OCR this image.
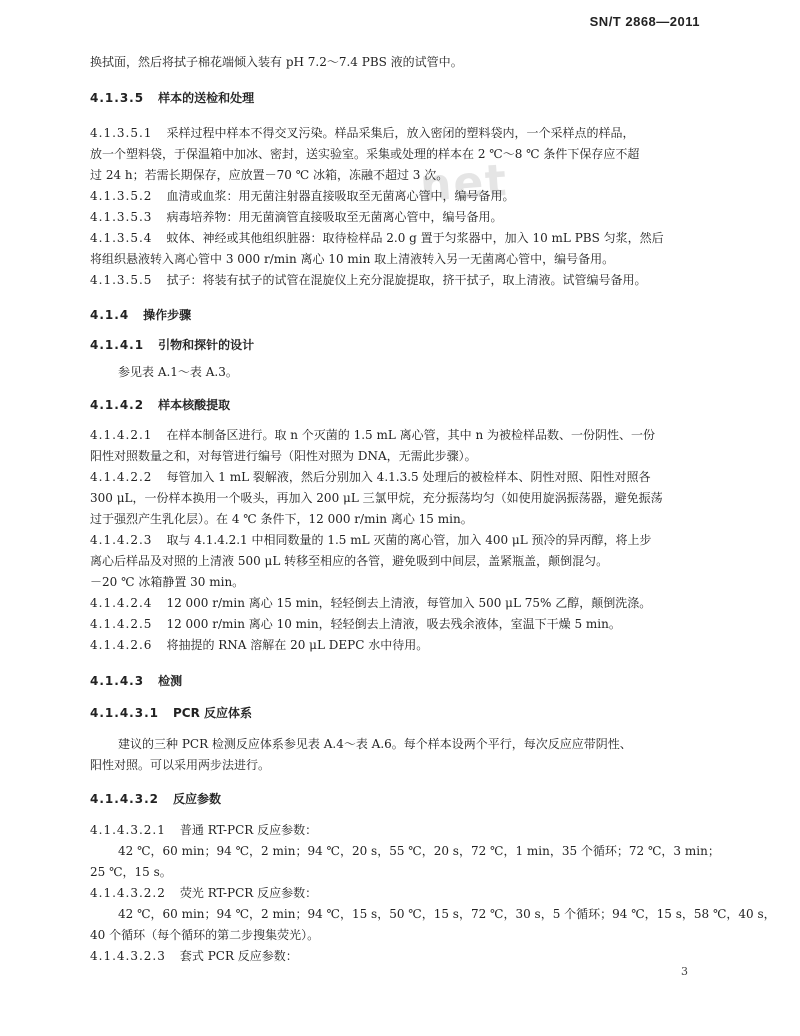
SN/T 2868—2011
net
换拭面，然后将拭子棉花端倾入装有 pH 7.2～7.4 PBS 液的试管中。
4.1.3.5 样本的送检和处理
4.1.3.5.1 采样过程中样本不得交叉污染。样品采集后，放入密闭的塑料袋内，一个采样点的样品，
放一个塑料袋，于保温箱中加冰、密封，送实验室。采集或处理的样本在 2 ℃～8 ℃ 条件下保存应不超
过 24 h；若需长期保存，应放置－70 ℃ 冰箱，冻融不超过 3 次。
4.1.3.5.2 血清或血浆：用无菌注射器直接吸取至无菌离心管中，编号备用。
4.1.3.5.3 病毒培养物：用无菌滴管直接吸取至无菌离心管中，编号备用。
4.1.3.5.4 蚊体、神经或其他组织脏器：取待检样品 2.0 g 置于匀浆器中，加入 10 mL PBS 匀浆，然后
将组织悬液转入离心管中 3 000 r/min 离心 10 min 取上清液转入另一无菌离心管中，编号备用。
4.1.3.5.5 拭子：将装有拭子的试管在混旋仪上充分混旋提取，挤干拭子，取上清液。试管编号备用。
4.1.4 操作步骤
4.1.4.1 引物和探针的设计
参见表 A.1～表 A.3。
4.1.4.2 样本核酸提取
4.1.4.2.1 在样本制备区进行。取 n 个灭菌的 1.5 mL 离心管，其中 n 为被检样品数、一份阴性、一份
阳性对照数量之和，对每管进行编号（阳性对照为 DNA，无需此步骤）。
4.1.4.2.2 每管加入 1 mL 裂解液，然后分别加入 4.1.3.5 处理后的被检样本、阴性对照、阳性对照各
300 μL，一份样本换用一个吸头，再加入 200 μL 三氯甲烷，充分振荡均匀（如使用旋涡振荡器，避免振荡
过于强烈产生乳化层）。在 4 ℃ 条件下，12 000 r/min 离心 15 min。
4.1.4.2.3 取与 4.1.4.2.1 中相同数量的 1.5 mL 灭菌的离心管，加入 400 μL 预冷的异丙醇，将上步
离心后样品及对照的上清液 500 μL 转移至相应的各管，避免吸到中间层，盖紧瓶盖，颠倒混匀。
－20 ℃ 冰箱静置 30 min。
4.1.4.2.4 12 000 r/min 离心 15 min，轻轻倒去上清液，每管加入 500 μL 75% 乙醇，颠倒洗涤。
4.1.4.2.5 12 000 r/min 离心 10 min，轻轻倒去上清液，吸去残余液体，室温下干燥 5 min。
4.1.4.2.6 将抽提的 RNA 溶解在 20 μL DEPC 水中待用。
4.1.4.3 检测
4.1.4.3.1 PCR 反应体系
建议的三种 PCR 检测反应体系参见表 A.4～表 A.6。每个样本设两个平行，每次反应应带阴性、
阳性对照。可以采用两步法进行。
4.1.4.3.2 反应参数
4.1.4.3.2.1 普通 RT-PCR 反应参数：
42 ℃，60 min；94 ℃，2 min；94 ℃，20 s，55 ℃，20 s，72 ℃，1 min，35 个循环；72 ℃，3 min；
25 ℃，15 s。
4.1.4.3.2.2 荧光 RT-PCR 反应参数：
42 ℃，60 min；94 ℃，2 min；94 ℃，15 s，50 ℃，15 s，72 ℃，30 s，5 个循环；94 ℃，15 s，58 ℃，40 s，
40 个循环（每个循环的第二步搜集荧光）。
4.1.4.3.2.3 套式 PCR 反应参数：
3
